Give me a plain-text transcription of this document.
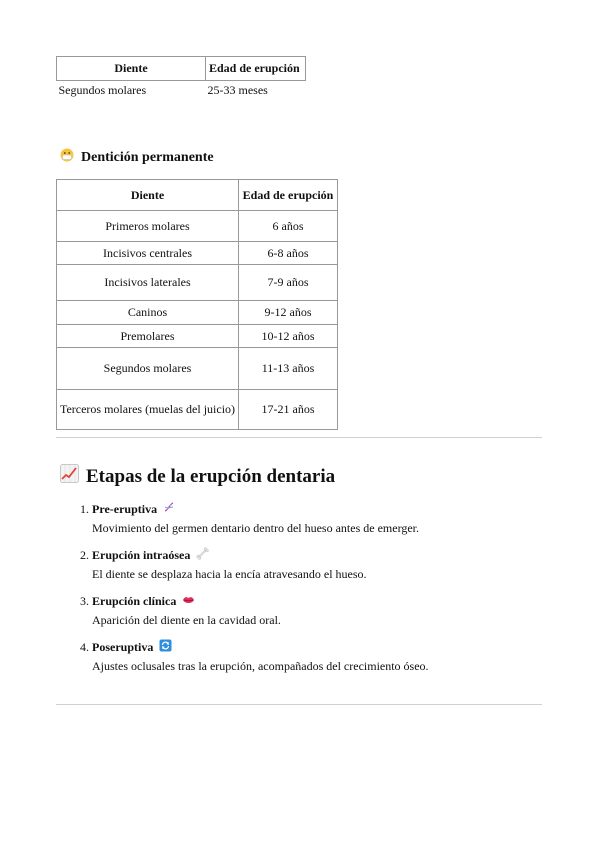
Diente	Edad de erupción
Segundos molares	25-33 meses
Dentición permanente
Diente	Edad de erupción
Primeros molares	6 años
Incisivos centrales	6-8 años
Incisivos laterales	7-9 años
Caninos	9-12 años
Premolares	10-12 años
Segundos molares	11-13 años
Terceros molares (muelas del juicio)	17-21 años
Etapas de la erupción dentaria
1. Pre-eruptiva
Movimiento del germen dentario dentro del hueso antes de emerger.
2. Erupción intraósea
El diente se desplaza hacia la encía atravesando el hueso.
3. Erupción clínica
Aparición del diente en la cavidad oral.
4. Poseruptiva
Ajustes oclusales tras la erupción, acompañados del crecimiento óseo.
